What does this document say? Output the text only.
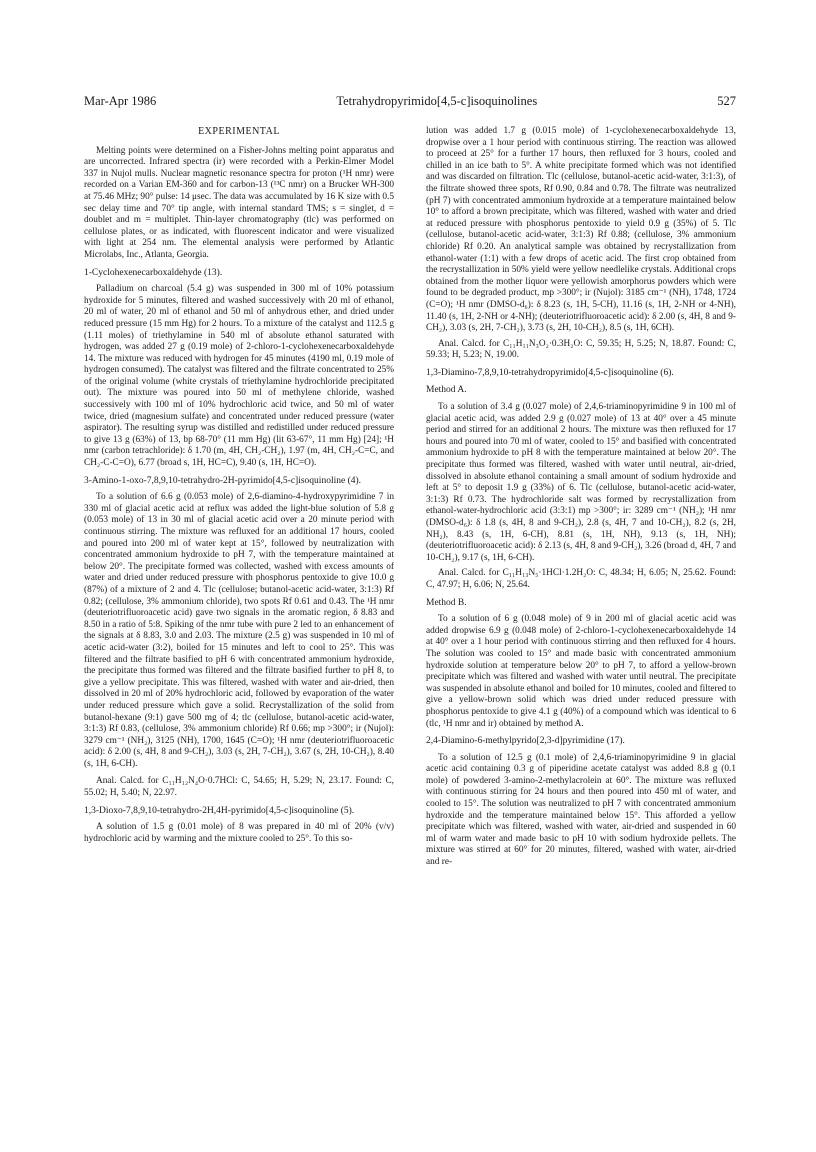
Mar-Apr 1986	Tetrahydropyrimido[4,5-c]isoquinolines	527
EXPERIMENTAL

Melting points were determined on a Fisher-Johns melting point apparatus and are uncorrected. Infrared spectra (ir) were recorded with a Perkin-Elmer Model 337 in Nujol mulls. Nuclear magnetic resonance spectra for proton (¹H nmr) were recorded on a Varian EM-360 and for carbon-13 (¹³C nmr) on a Brucker WH-300 at 75.46 MHz; 90° pulse: 14 μsec. The data was accumulated by 16 K size with 0.5 sec delay time and 70° tip angle, with internal standard TMS; s = singlet, d = doublet and m = multiplet. Thin-layer chromatography (tlc) was performed on cellulose plates, or as indicated, with fluorescent indicator and were visualized with light at 254 nm. The elemental analysis were performed by Atlantic Microlabs, Inc., Atlanta, Georgia.

1-Cyclohexenecarboxaldehyde (13).

Palladium on charcoal (5.4 g) was suspended in 300 ml of 10% potassium hydroxide for 5 minutes, filtered and washed successively with 20 ml of ethanol, 20 ml of water, 20 ml of ethanol and 50 ml of anhydrous ether, and dried under reduced pressure (15 mm Hg) for 2 hours. To a mixture of the catalyst and 112.5 g (1.11 moles) of triethylamine in 540 ml of absolute ethanol saturated with hydrogen, was added 27 g (0.19 mole) of 2-chloro-1-cyclohexenecarboxaldehyde 14. The mixture was reduced with hydrogen for 45 minutes (4190 ml, 0.19 mole of hydrogen consumed). The catalyst was filtered and the filtrate concentrated to 25% of the original volume (white crystals of triethylamine hydrochloride precipitated out). The mixture was poured into 50 ml of methylene chloride, washed successively with 100 ml of 10% hydrochloric acid twice, and 50 ml of water twice, dried (magnesium sulfate) and concentrated under reduced pressure (water aspirator). The resulting syrup was distilled and redistilled under reduced pressure to give 13 g (63%) of 13, bp 68-70° (11 mm Hg) (lit 63-67°, 11 mm Hg) [24]; ¹H nmr (carbon tetrachloride): δ 1.70 (m, 4H, CH₂-CH₂), 1.97 (m, 4H, CH₂-C=C, and CH₂-C-C=O), 6.77 (broad s, 1H, HC=C), 9.40 (s, 1H, HC=O).

3-Amino-1-oxo-7,8,9,10-tetrahydro-2H-pyrimido[4,5-c]isoquinoline (4).

To a solution of 6.6 g (0.053 mole) of 2,6-diamino-4-hydroxypyrimidine 7 in 330 ml of glacial acetic acid at reflux was added the light-blue solution of 5.8 g (0.053 mole) of 13 in 30 ml of glacial acetic acid over a 20 minute period with continuous stirring. The mixture was refluxed for an additional 17 hours, cooled and poured into 200 ml of water kept at 15°, followed by neutralization with concentrated ammonium hydroxide to pH 7, with the temperature maintained at below 20°. The precipitate formed was collected, washed with excess amounts of water and dried under reduced pressure with phosphorus pentoxide to give 10.0 g (87%) of a mixture of 2 and 4. Tlc (cellulose; butanol-acetic acid-water, 3:1:3) Rf 0.82; (cellulose, 3% ammonium chloride), two spots Rf 0.61 and 0.43. The ¹H nmr (deuteriotrifluoroacetic acid) gave two signals in the aromatic region, δ 8.83 and 8.50 in a ratio of 5:8. Spiking of the nmr tube with pure 2 led to an enhancement of the signals at δ 8.83, 3.0 and 2.03. The mixture (2.5 g) was suspended in 10 ml of acetic acid-water (3:2), boiled for 15 minutes and left to cool to 25°. This was filtered and the filtrate basified to pH 6 with concentrated ammonium hydroxide, the precipitate thus formed was filtered and the filtrate basified further to pH 8, to give a yellow precipitate. This was filtered, washed with water and air-dried, then dissolved in 20 ml of 20% hydrochloric acid, followed by evaporation of the water under reduced pressure which gave a solid. Recrystallization of the solid from butanol-hexane (9:1) gave 500 mg of 4; tlc (cellulose, butanol-acetic acid-water, 3:1:3) Rf 0.83, (cellulose, 3% ammonium chloride) Rf 0.66; mp >300°; ir (Nujol): 3279 cm⁻¹ (NH₂), 3125 (NH), 1700, 1645 (C=O); ¹H nmr (deuteriotrifluoroacetic acid): δ 2.00 (s, 4H, 8 and 9-CH₂), 3.03 (s, 2H, 7-CH₂), 3.67 (s, 2H, 10-CH₂), 8.40 (s, 1H, 6-CH).

Anal. Calcd. for C₁₁H₁₂N₄O·0.7HCl: C, 54.65; H, 5.29; N, 23.17. Found: C, 55.02; H, 5.40; N, 22.97.

1,3-Dioxo-7,8,9,10-tetrahydro-2H,4H-pyrimido[4,5-c]isoquinoline (5).

A solution of 1.5 g (0.01 mole) of 8 was prepared in 40 ml of 20% (v/v) hydrochloric acid by warming and the mixture cooled to 25°. To this so-

lution was added 1.7 g (0.015 mole) of 1-cyclohexenecarboxaldehyde 13, dropwise over a 1 hour period with continuous stirring. The reaction was allowed to proceed at 25° for a further 17 hours, then refluxed for 3 hours, cooled and chilled in an ice bath to 5°. A white precipitate formed which was not identified and was discarded on filtration. Tlc (cellulose, butanol-acetic acid-water, 3:1:3), of the filtrate showed three spots, Rf 0.90, 0.84 and 0.78. The filtrate was neutralized (pH 7) with concentrated ammonium hydroxide at a temperature maintained below 10° to afford a brown precipitate, which was filtered, washed with water and dried at reduced pressure with phosphorus pentoxide to yield 0.9 g (35%) of 5. Tlc (cellulose, butanol-acetic acid-water, 3:1:3) Rf 0.88; (cellulose, 3% ammonium chloride) Rf 0.20. An analytical sample was obtained by recrystallization from ethanol-water (1:1) with a few drops of acetic acid. The first crop obtained from the recrystallization in 50% yield were yellow needlelike crystals. Additional crops obtained from the mother liquor were yellowish amorphorus powders which were found to be degraded product, mp >300°; ir (Nujol): 3185 cm⁻¹ (NH), 1748, 1724 (C=O); ¹H nmr (DMSO-d₆): δ 8.23 (s, 1H, 5-CH), 11.16 (s, 1H, 2-NH or 4-NH), 11.40 (s, 1H, 2-NH or 4-NH); (deuteriotrifluoroacetic acid): δ 2.00 (s, 4H, 8 and 9-CH₂), 3.03 (s, 2H, 7-CH₂), 3.73 (s, 2H, 10-CH₂), 8.5 (s, 1H, 6CH).

Anal. Calcd. for C₁₁H₁₁N₃O₂·0.3H₂O: C, 59.35; H, 5.25; N, 18.87. Found: C, 59.33; H, 5.23; N, 19.00.

1,3-Diamino-7,8,9,10-tetrahydropyrimido[4,5-c]isoquinoline (6).
Method A.

To a solution of 3.4 g (0.027 mole) of 2,4,6-triaminopyrimidine 9 in 100 ml of glacial acetic acid, was added 2.9 g (0.027 mole) of 13 at 40° over a 45 minute period and stirred for an additional 2 hours. The mixture was then refluxed for 17 hours and poured into 70 ml of water, cooled to 15° and basified with concentrated ammonium hydroxide to pH 8 with the temperature maintained at below 20°. The precipitate thus formed was filtered, washed with water until neutral, air-dried, dissolved in absolute ethanol containing a small amount of sodium hydroxide and left at 5° to deposit 1.9 g (33%) of 6. Tlc (cellulose, butanol-acetic acid-water, 3:1:3) Rf 0.73. The hydrochloride salt was formed by recrystallization from ethanol-water-hydrochloric acid (3:3:1) mp >300°; ir: 3289 cm⁻¹ (NH₂); ¹H nmr (DMSO-d₆): δ 1.8 (s, 4H, 8 and 9-CH₂), 2.8 (s, 4H, 7 and 10-CH₂), 8.2 (s, 2H, NH₂), 8.43 (s, 1H, 6-CH), 8.81 (s, 1H, NH), 9.13 (s, 1H, NH); (deuteriotrifluoroacetic acid): δ 2.13 (s, 4H, 8 and 9-CH₂), 3.26 (broad d, 4H, 7 and 10-CH₂), 9.17 (s, 1H, 6-CH).

Anal. Calcd. for C₁₁H₁₃N₅·1HCl·1.2H₂O: C, 48.34; H, 6.05; N, 25.62. Found: C, 47.97; H, 6.06; N, 25.64.

Method B.

To a solution of 6 g (0.048 mole) of 9 in 200 ml of glacial acetic acid was added dropwise 6.9 g (0.048 mole) of 2-chloro-1-cyclohexenecarboxaldehyde 14 at 40° over a 1 hour period with continuous stirring and then refluxed for 4 hours. The solution was cooled to 15° and made basic with concentrated ammonium hydroxide solution at temperature below 20° to pH 7, to afford a yellow-brown precipitate which was filtered and washed with water until neutral. The precipitate was suspended in absolute ethanol and boiled for 10 minutes, cooled and filtered to give a yellow-brown solid which was dried under reduced pressure with phosphorus pentoxide to give 4.1 g (40%) of a compound which was identical to 6 (tlc, ¹H nmr and ir) obtained by method A.

2,4-Diamino-6-methylpyrido[2,3-d]pyrimidine (17).

To a solution of 12.5 g (0.1 mole) of 2,4,6-triaminopyrimidine 9 in glacial acetic acid containing 0.3 g of piperidine acetate catalyst was added 8.8 g (0.1 mole) of powdered 3-amino-2-methylacrolein at 60°. The mixture was refluxed with continuous stirring for 24 hours and then poured into 450 ml of water, and cooled to 15°. The solution was neutralized to pH 7 with concentrated ammonium hydroxide and the temperature maintained below 15°. This afforded a yellow precipitate which was filtered, washed with water, air-dried and suspended in 60 ml of warm water and made basic to pH 10 with sodium hydroxide pellets. The mixture was stirred at 60° for 20 minutes, filtered, washed with water, air-dried and re-
